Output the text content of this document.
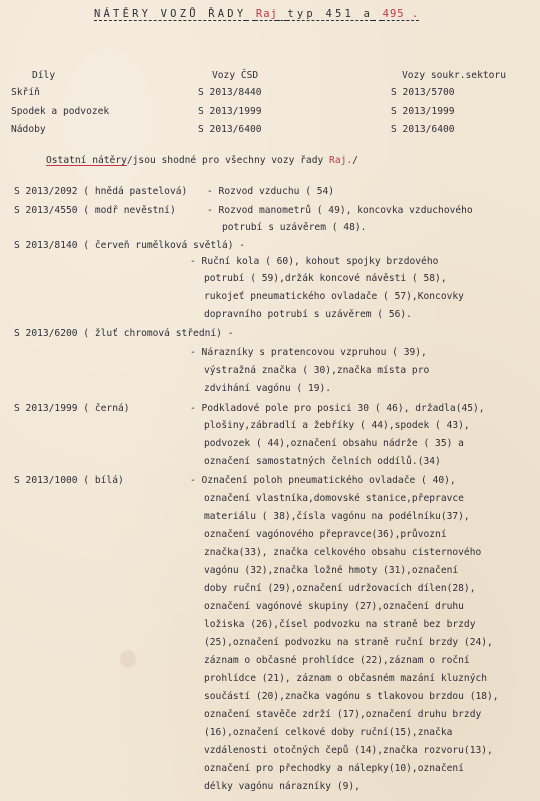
NÁTĚRY VOZŮ ŘADY Raj typ 451 a 495 .
Díly	Vozy ČSD	Vozy soukr.sektoru
Skříň	S 2013/8440	S 2013/5700
Spodek a podvozek	S 2013/1999	S 2013/1999
Nádoby	S 2013/6400	S 2013/6400
Ostatní nátěry/jsou shodné pro všechny vozy řady Raj./
S 2013/2092 ( hnědá pastelová) - Rozvod vzduchu ( 54)
S 2013/4550 ( modř nevěstní)	- Rozvod manometrů ( 49), koncovka vzduchového
potrubí s uzávěrem ( 48).
S 2013/8140 ( červeň rumělková světlá) -
- Ruční kola ( 60), kohout spojky brzdového
potrubí ( 59),držák koncové návěsti ( 58),
rukojeť pneumatického ovladače ( 57),Koncovky
dopravního potrubí s uzávěrem ( 56).
S 2013/6200 ( žluť chromová střední) -
- Nárazníky s pratencovou vzpruhou ( 39),
výstražná značka ( 30),značka místa pro
zdvihání vagónu ( 19).
S 2013/1999 ( černá)	- Podkladové pole pro posici 30 ( 46), držadla(45),
plošiny,zábradlí a žebříky ( 44),spodek ( 43),
podvozek ( 44),označení obsahu nádrže ( 35) a
označení samostatných čelních oddílů.(34)
S 2013/1000 ( bílá)	- Označení poloh pneumatického ovladače ( 40),
označení vlastníka,domovské stanice,přepravce
materiálu ( 38),čísla vagónu na podélníku(37),
označení vagónového přepravce(36),průvozní
značka(33), značka celkového obsahu cisternového
vagónu (32),značka ložné hmoty (31),označení
doby ruční (29),označení udržovacích dílen(28),
označení vagónové skupiny (27),označení druhu
ložiska (26),čísel podvozku na straně bez brzdy
(25),označení podvozku na straně ruční brzdy (24),
záznam o občasné prohlídce (22),záznam o roční
prohlídce (21), záznam o občasném mazání kluzných
součástí (20),značka vagónu s tlakovou brzdou (18),
označení stavěče zdrží (17),označení druhu brzdy
(16),označení celkové doby ruční(15),značka
vzdálenosti otočných čepů (14),značka rozvoru(13),
označení pro přechodky a nálepky(10),označení
délky vagónu nárazníky (9),
